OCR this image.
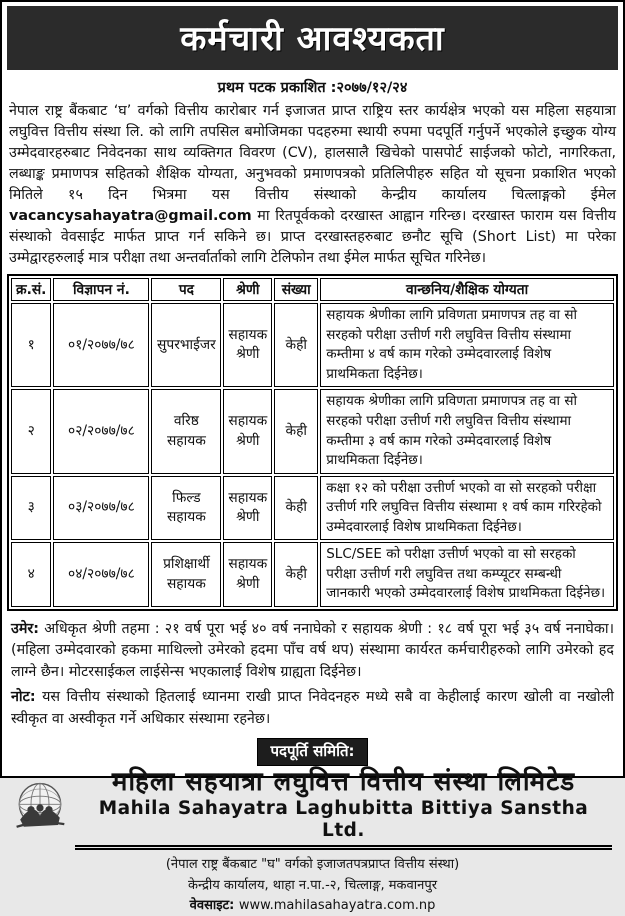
कर्मचारी आवश्यकता
प्रथम पटक प्रकाशित :२०७७/१२/२४

नेपाल राष्ट्र बैंकबाट ‘घ’ वर्गको वित्तीय कारोबार गर्न इजाजत प्राप्त राष्ट्रिय स्तर कार्यक्षेत्र भएको यस महिला सहयात्रा लघुवित्त वित्तीय संस्था लि. को लागि तपसिल बमोजिमका पदहरुमा स्थायी रुपमा पदपूर्ति गर्नुपर्ने भएकोले इच्छुक योग्य उम्मेदवारहरुबाट निवेदनका साथ व्यक्तिगत विवरण (CV), हालसालै खिचेको पासपोर्ट साईजको फोटो, नागरिकता, लब्धाङ्क प्रमाणपत्र सहितको शैक्षिक योग्यता, अनुभवको प्रमाणपत्रको प्रतिलिपीहरु सहित यो सूचना प्रकाशित भएको मितिले १५ दिन भित्रमा यस वित्तीय संस्थाको केन्द्रीय कार्यालय चित्लाङ्गको ईमेल vacancysahayatra@gmail.com मा रितपूर्वकको दरखास्त आह्वान गरिन्छ। दरखास्त फाराम यस वित्तीय संस्थाको वेवसाईट मार्फत प्राप्त गर्न सकिने छ। प्राप्त दरखास्तहरुबाट छनौट सूचि (Short List) मा परेका उम्मेद्वारहरुलाई मात्र परीक्षा तथा अन्तर्वार्ताको लागि टेलिफोन तथा ईमेल मार्फत सूचित गरिनेछ।

क्र.सं.	विज्ञापन नं.	पद	श्रेणी	संख्या	वान्छनिय/शैक्षिक योग्यता
१	०१/२०७७/७८	सुपरभाईजर	सहायक श्रेणी	केही	सहायक श्रेणीका लागि प्रविणता प्रमाणपत्र तह वा सो सरहको परीक्षा उत्तीर्ण गरी लघुवित्त वित्तीय संस्थामा कम्तीमा ४ वर्ष काम गरेको उम्मेदवारलाई विशेष प्राथमिकता दिईनेछ।
२	०२/२०७७/७८	वरिष्ठ सहायक	सहायक श्रेणी	केही	सहायक श्रेणीका लागि प्रविणता प्रमाणपत्र तह वा सो सरहको परीक्षा उत्तीर्ण गरी लघुवित्त वित्तीय संस्थामा कम्तीमा ३ वर्ष काम गरेको उम्मेदवारलाई विशेष प्राथमिकता दिईनेछ।
३	०३/२०७७/७८	फिल्ड सहायक	सहायक श्रेणी	केही	कक्षा १२ को परीक्षा उत्तीर्ण भएको वा सो सरहको परीक्षा उत्तीर्ण गरि लघुवित्त वित्तीय संस्थामा १ वर्ष काम गरिरहेको उम्मेदवारलाई विशेष प्राथमिकता दिईनेछ।
४	०४/२०७७/७८	प्रशिक्षार्थी सहायक	सहायक श्रेणी	केही	SLC/SEE को परीक्षा उत्तीर्ण भएको वा सो सरहको परीक्षा उत्तीर्ण गरी लघुवित्त तथा कम्प्यूटर सम्बन्धी जानकारी भएको उम्मेदवारलाई विशेष प्राथमिकता दिईनेछ।

उमेर: अधिकृत श्रेणी तहमा : २१ वर्ष पूरा भई ४० वर्ष ननाघेको र सहायक श्रेणी : १८ वर्ष पूरा भई ३५ वर्ष ननाघेका। (महिला उम्मेदवारको हकमा माथिल्लो उमेरको हदमा पाँच वर्ष थप) संस्थामा कार्यरत कर्मचारीहरुको लागि उमेरको हद लाग्ने छैन। मोटरसाईकल लाईसेन्स भएकालाई विशेष ग्राह्यता दिईनेछ।

नोट: यस वित्तीय संस्थाको हितलाई ध्यानमा राखी प्राप्त निवेदनहरु मध्ये सबै वा केहीलाई कारण खोली वा नखोली स्वीकृत वा अस्वीकृत गर्ने अधिकार संस्थामा रहनेछ।

पदपूर्ति समिति:
महिला सहयात्रा लघुवित्त वित्तीय संस्था लिमिटेड
Mahila Sahayatra Laghubitta Bittiya Sanstha Ltd.
(नेपाल राष्ट्र बैंकबाट "घ" वर्गको इजाजतपत्रप्राप्त वित्तीय संस्था)
केन्द्रीय कार्यालय, थाहा न.पा.-२, चित्लाङ्ग, मकवानपुर
वेवसाइट: www.mahilasahayatra.com.np
